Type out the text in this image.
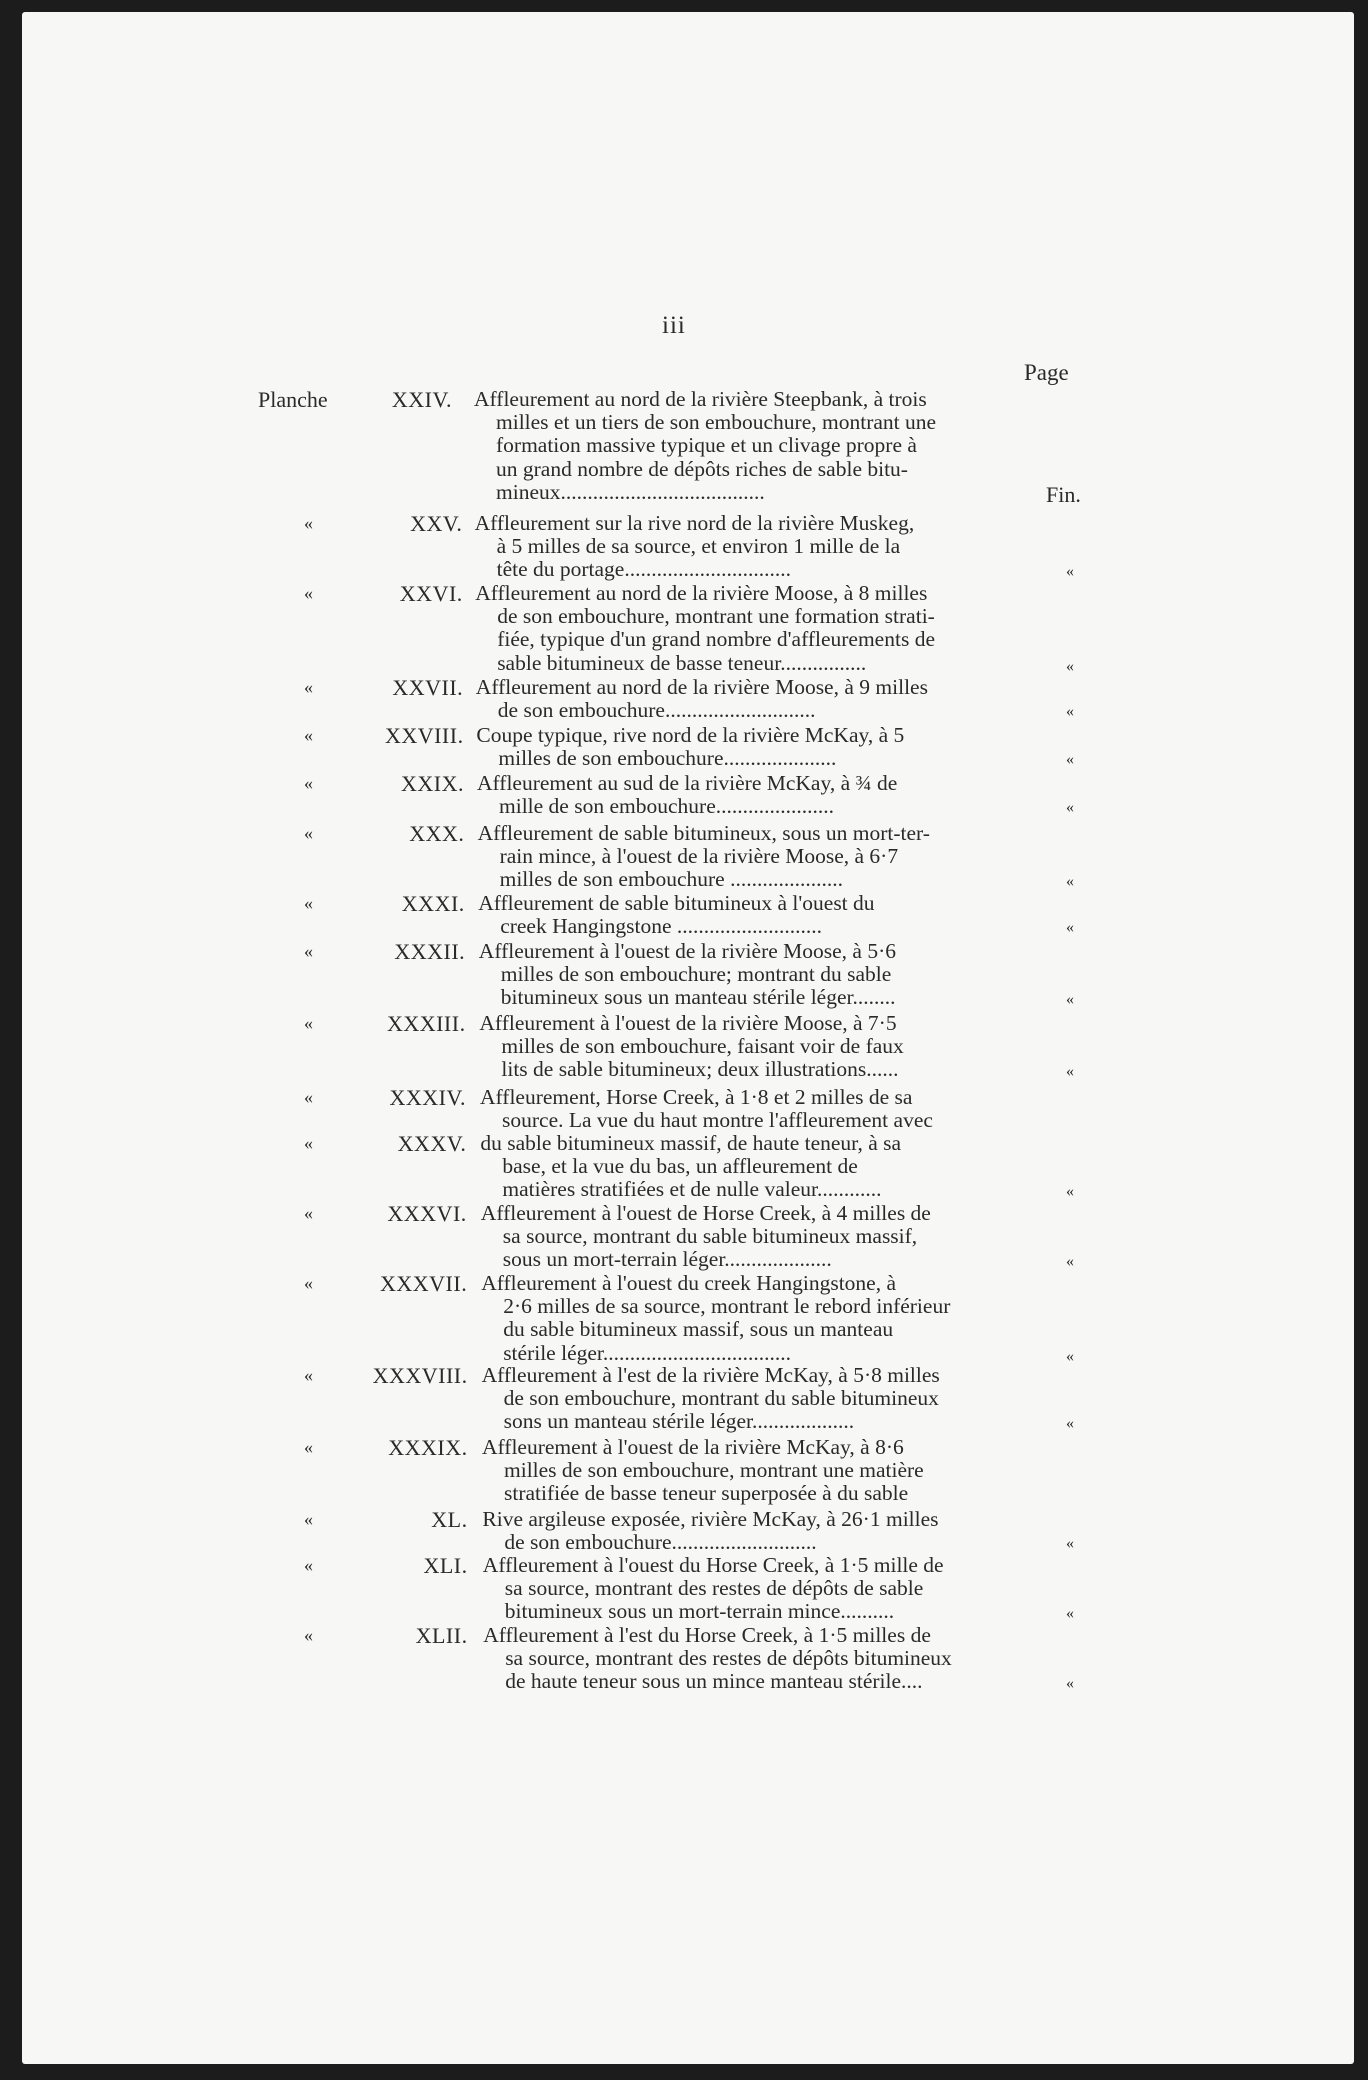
iii
Page
Planche	XXIV. Affleurement au nord de la rivière Steepbank, à trois
milles et un tiers de son embouchure, montrant une
formation massive typique et un clivage propre à
un grand nombre de dépôts riches de sable bitu-
mineux......................................	Fin.
«	XXV. Affleurement sur la rive nord de la rivière Muskeg,
à 5 milles de sa source, et environ 1 mille de la
tête du portage...............................	«
«	XXVI. Affleurement au nord de la rivière Moose, à 8 milles
de son embouchure, montrant une formation strati-
fiée, typique d'un grand nombre d'affleurements de
sable bitumineux de basse teneur................	«
«	XXVII. Affleurement au nord de la rivière Moose, à 9 milles
de son embouchure............................	«
«	XXVIII. Coupe typique, rive nord de la rivière McKay, à 5
milles de son embouchure.....................	«
«	XXIX. Affleurement au sud de la rivière McKay, à ¾ de
mille de son embouchure......................	«
«	XXX. Affleurement de sable bitumineux, sous un mort-ter-
rain mince, à l'ouest de la rivière Moose, à 6·7
milles de son embouchure .....................	«
«	XXXI. Affleurement de sable bitumineux à l'ouest du
creek Hangingstone ...........................	«
«	XXXII. Affleurement à l'ouest de la rivière Moose, à 5·6
milles de son embouchure; montrant du sable
bitumineux sous un manteau stérile léger........	«
«	XXXIII. Affleurement à l'ouest de la rivière Moose, à 7·5
milles de son embouchure, faisant voir de faux
lits de sable bitumineux; deux illustrations......	«
«	XXXIV. Affleurement, Horse Creek, à 1·8 et 2 milles de sa
source. La vue du haut montre l'affleurement avec
«	XXXV. du sable bitumineux massif, de haute teneur, à sa
base, et la vue du bas, un affleurement de
matières stratifiées et de nulle valeur............	«
«	XXXVI. Affleurement à l'ouest de Horse Creek, à 4 milles de
sa source, montrant du sable bitumineux massif,
sous un mort-terrain léger....................	«
«	XXXVII. Affleurement à l'ouest du creek Hangingstone, à
2·6 milles de sa source, montrant le rebord inférieur
du sable bitumineux massif, sous un manteau
stérile léger...................................	«
«	XXXVIII. Affleurement à l'est de la rivière McKay, à 5·8 milles
de son embouchure, montrant du sable bitumineux
sons un manteau stérile léger...................	«
«	XXXIX. Affleurement à l'ouest de la rivière McKay, à 8·6
milles de son embouchure, montrant une matière
stratifiée de basse teneur superposée à du sable
«	XL. Rive argileuse exposée, rivière McKay, à 26·1 milles
de son embouchure...........................	«
«	XLI. Affleurement à l'ouest du Horse Creek, à 1·5 mille de
sa source, montrant des restes de dépôts de sable
bitumineux sous un mort-terrain mince..........	«
«	XLII. Affleurement à l'est du Horse Creek, à 1·5 milles de
sa source, montrant des restes de dépôts bitumineux
de haute teneur sous un mince manteau stérile....	«
